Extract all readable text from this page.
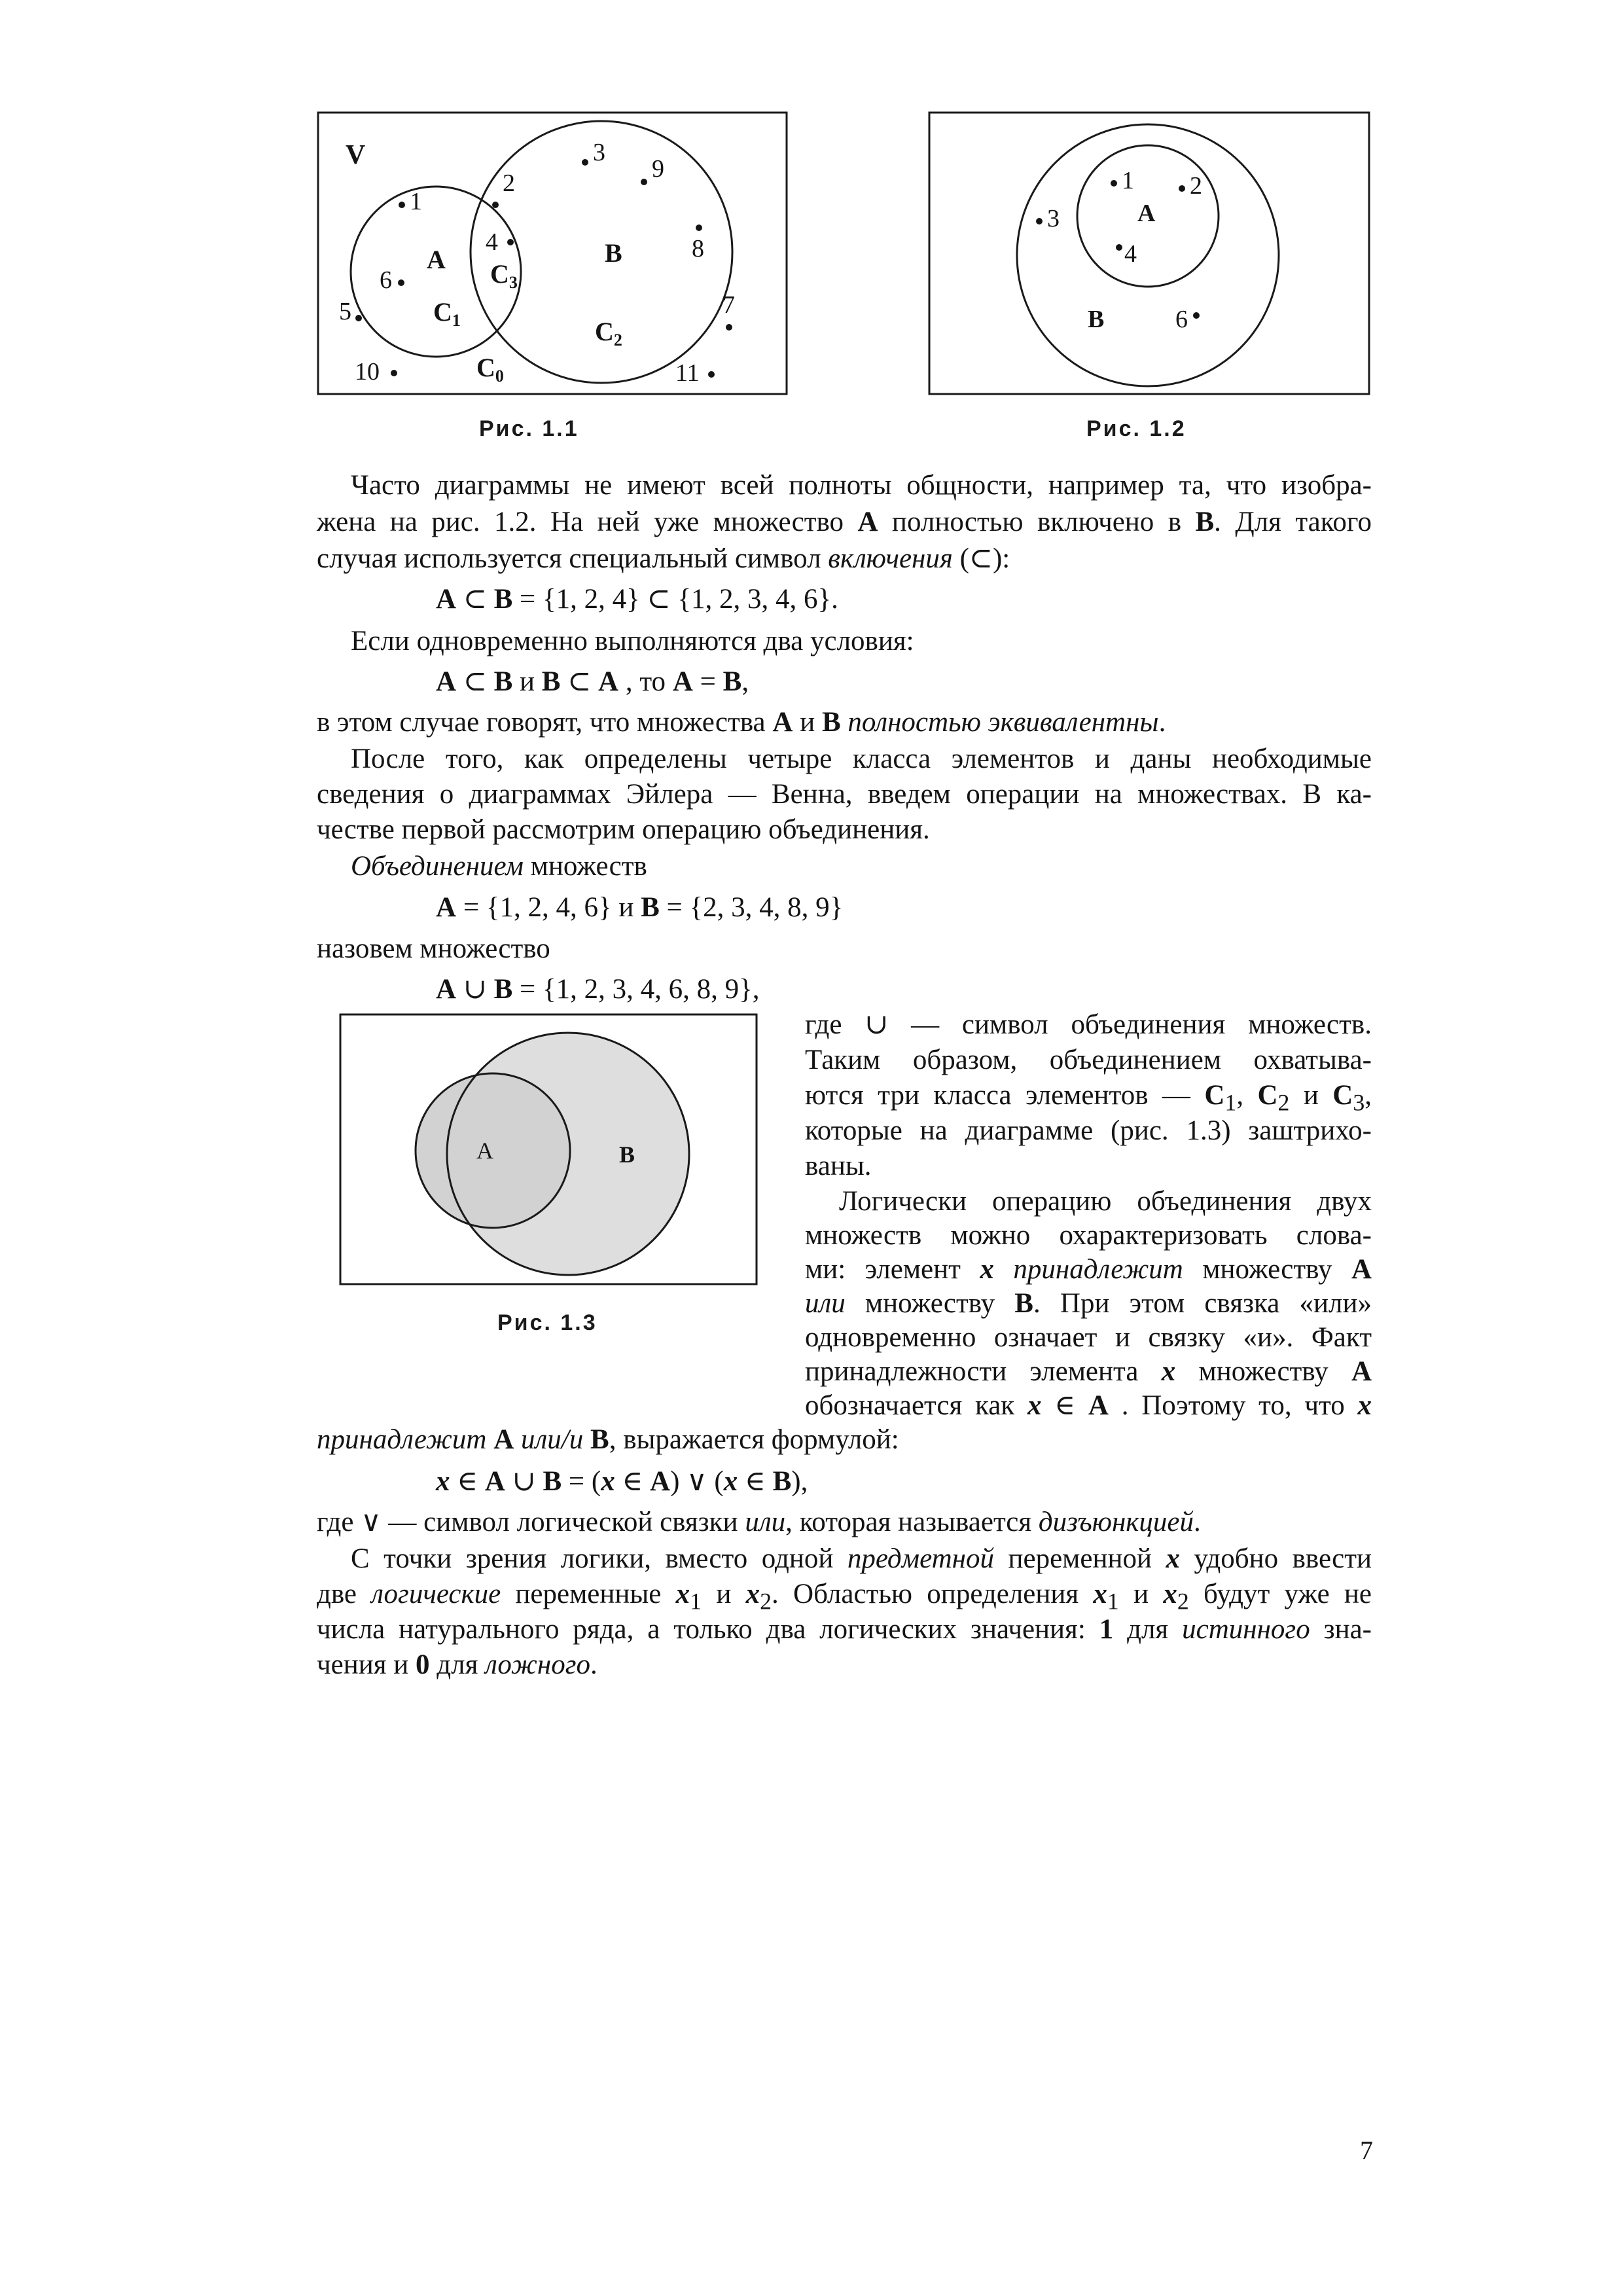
V
A	B
$C_1$
$C_3$
$C_2$
$C_0$
1
2
3
9
8
4
6
5	7
10	11
Рис. 1.1
A
B
1 2
3
4
6
Рис. 1.2
Часто диаграммы не имеют всей полноты общности, например та, что изобра-
жена на рис. 1.2. На ней уже множество A полностью включено в B. Для такого
случая используется специальный символ включения (⊂):
A ⊂ B = {1, 2, 4} ⊂ {1, 2, 3, 4, 6}.
Если одновременно выполняются два условия:
A ⊂ B и B ⊂ A , то A = B,
в этом случае говорят, что множества A и B полностью эквивалентны.
После того, как определены четыре класса элементов и даны необходимые
сведения о диаграммах Эйлера — Венна, введем операции на множествах. В ка-
честве первой рассмотрим операцию объединения.
Объединением множеств
A = {1, 2, 4, 6} и B = {2, 3, 4, 8, 9}
назовем множество
A ∪ B = {1, 2, 3, 4, 6, 8, 9},
A	B
Рис. 1.3
где ∪ — символ объединения множеств.
Таким образом, объединением охватыва-
ются три класса элементов — $C_1$, $C_2$ и $C_3$,
которые на диаграмме (рис. 1.3) заштрихо-
ваны.
Логически операцию объединения двух
множеств можно охарактеризовать слова-
ми: элемент x принадлежит множеству A
или множеству B. При этом связка «или»
одновременно означает и связку «и». Факт
принадлежности элемента x множеству A
обозначается как x ∈ A . Поэтому то, что x
принадлежит A или/и B, выражается формулой:
x ∈ A ∪ B = (x ∈ A) ∨ (x ∈ B),
где ∨ — символ логической связки или, которая называется дизъюнкцией.
С точки зрения логики, вместо одной предметной переменной x удобно ввести
две логические переменные $x_1$ и $x_2$. Областью определения $x_1$ и $x_2$ будут уже не
числа натурального ряда, а только два логических значения: 1 для истинного зна-
чения и 0 для ложного.
7
